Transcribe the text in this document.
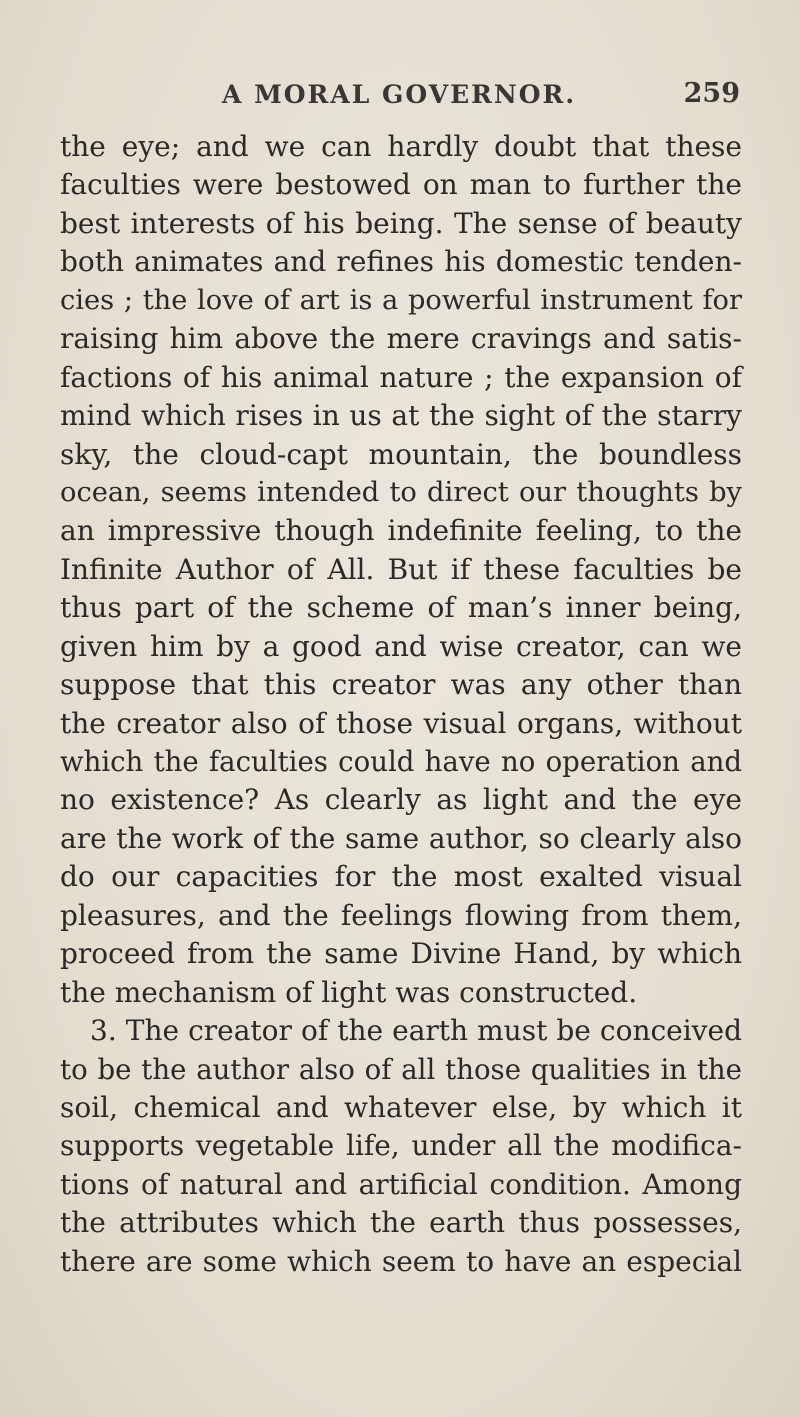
A MORAL GOVERNOR.	259
the eye; and we can hardly doubt that these
faculties were bestowed on man to further the
best interests of his being. The sense of beauty
both animates and refines his domestic tenden-
cies ; the love of art is a powerful instrument for
raising him above the mere cravings and satis-
factions of his animal nature ; the expansion of
mind which rises in us at the sight of the starry
sky, the cloud-capt mountain, the boundless
ocean, seems intended to direct our thoughts by
an impressive though indefinite feeling, to the
Infinite Author of All. But if these faculties be
thus part of the scheme of man’s inner being,
given him by a good and wise creator, can we
suppose that this creator was any other than
the creator also of those visual organs, without
which the faculties could have no operation and
no existence? As clearly as light and the eye
are the work of the same author, so clearly also
do our capacities for the most exalted visual
pleasures, and the feelings flowing from them,
proceed from the same Divine Hand, by which
the mechanism of light was constructed.
3. The creator of the earth must be conceived
to be the author also of all those qualities in the
soil, chemical and whatever else, by which it
supports vegetable life, under all the modifica-
tions of natural and artificial condition. Among
the attributes which the earth thus possesses,
there are some which seem to have an especial
